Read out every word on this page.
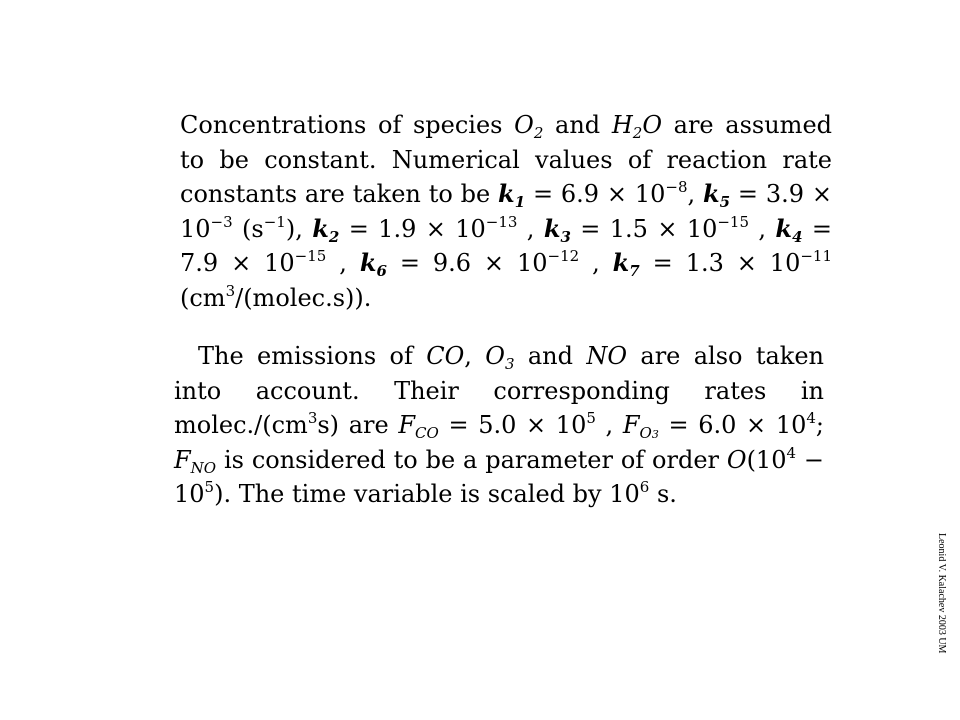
Concentrations of species $O_2$ and $H_2O$ are assumed to be constant. Numerical values of reaction rate constants are taken to be $k_1 = 6.9 \times 10^{-8}$, $k_5 = 3.9 \times 10^{-3}$ $(s^{-1})$, $k_2 = 1.9 \times 10^{-13}$ , $k_3 = 1.5 \times 10^{-15}$ , $k_4 = 7.9 \times 10^{-15}$ , $k_6 = 9.6 \times 10^{-12}$ , $k_7 = 1.3 \times 10^{-11}$ $(cm^3/(molec.s))$.
The emissions of CO, $O_3$ and NO are also taken into account. Their corresponding rates in $molec./(cm^3s)$ are $F_{CO} = 5.0 \times 10^5$ , $F_{O3} = 6.0 \times 10^4$; $F_{NO}$ is considered to be a parameter of order $O(10^4 - 10^5)$. The time variable is scaled by $10^6$ s.
Leonid V. Kalachev 2003 UM
